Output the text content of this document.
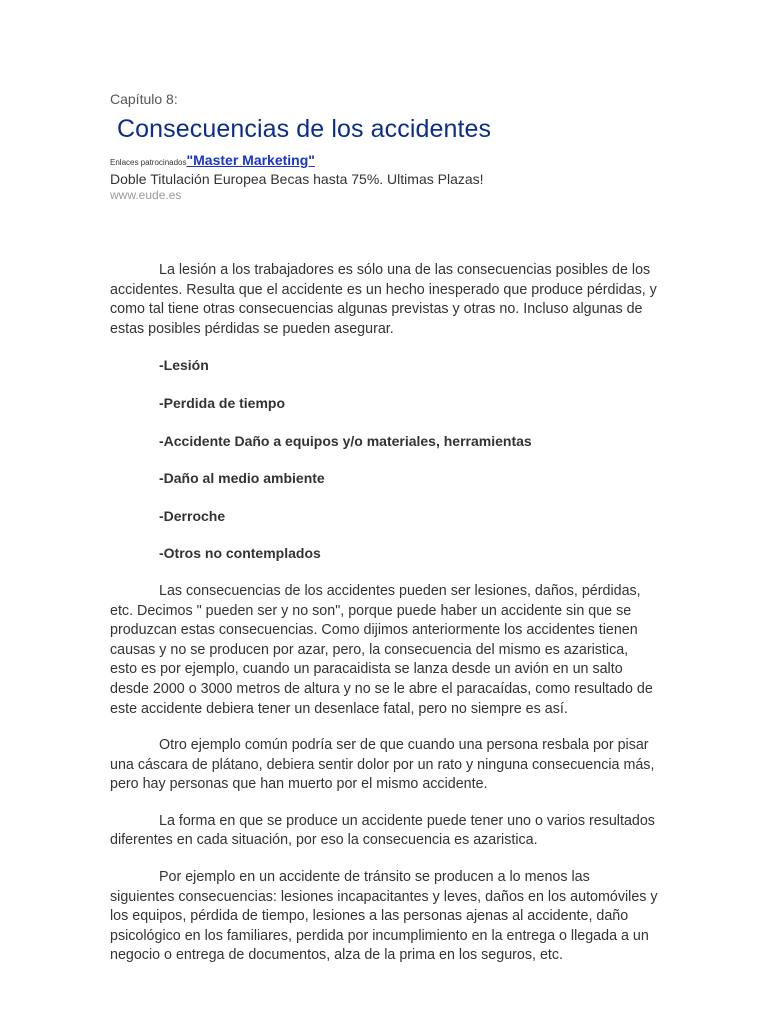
Capítulo 8:

Consecuencias de los accidentes
Enlaces patrocinados"Master Marketing"
Doble Titulación Europea Becas hasta 75%. Ultimas Plazas!
www.eude.es

La lesión a los trabajadores es sólo una de las consecuencias posibles de los accidentes. Resulta que el accidente es un hecho inesperado que produce pérdidas, y como tal tiene otras consecuencias algunas previstas y otras no. Incluso algunas de estas posibles pérdidas se pueden asegurar.

-Lesión

-Perdida de tiempo

-Accidente Daño a equipos y/o materiales, herramientas

-Daño al medio ambiente

-Derroche

-Otros no contemplados

Las consecuencias de los accidentes pueden ser lesiones, daños, pérdidas, etc. Decimos " pueden ser y no son", porque puede haber un accidente sin que se produzcan estas consecuencias. Como dijimos anteriormente los accidentes tienen causas y no se producen por azar, pero, la consecuencia del mismo es azaristica, esto es por ejemplo, cuando un paracaidista se lanza desde un avión en un salto desde 2000 o 3000 metros de altura y no se le abre el paracaídas, como resultado de este accidente debiera tener un desenlace fatal, pero no siempre es así.

Otro ejemplo común podría ser de que cuando una persona resbala por pisar una cáscara de plátano, debiera sentir dolor por un rato y ninguna consecuencia más, pero hay personas que han muerto por el mismo accidente.

La forma en que se produce un accidente puede tener uno o varios resultados diferentes en cada situación, por eso la consecuencia es azaristica.

Por ejemplo en un accidente de tránsito se producen a lo menos las siguientes consecuencias: lesiones incapacitantes y leves, daños en los automóviles y los equipos, pérdida de tiempo, lesiones a las personas ajenas al accidente, daño psicológico en los familiares, perdida por incumplimiento en la entrega o llegada a un negocio o entrega de documentos, alza de la prima en los seguros, etc.
